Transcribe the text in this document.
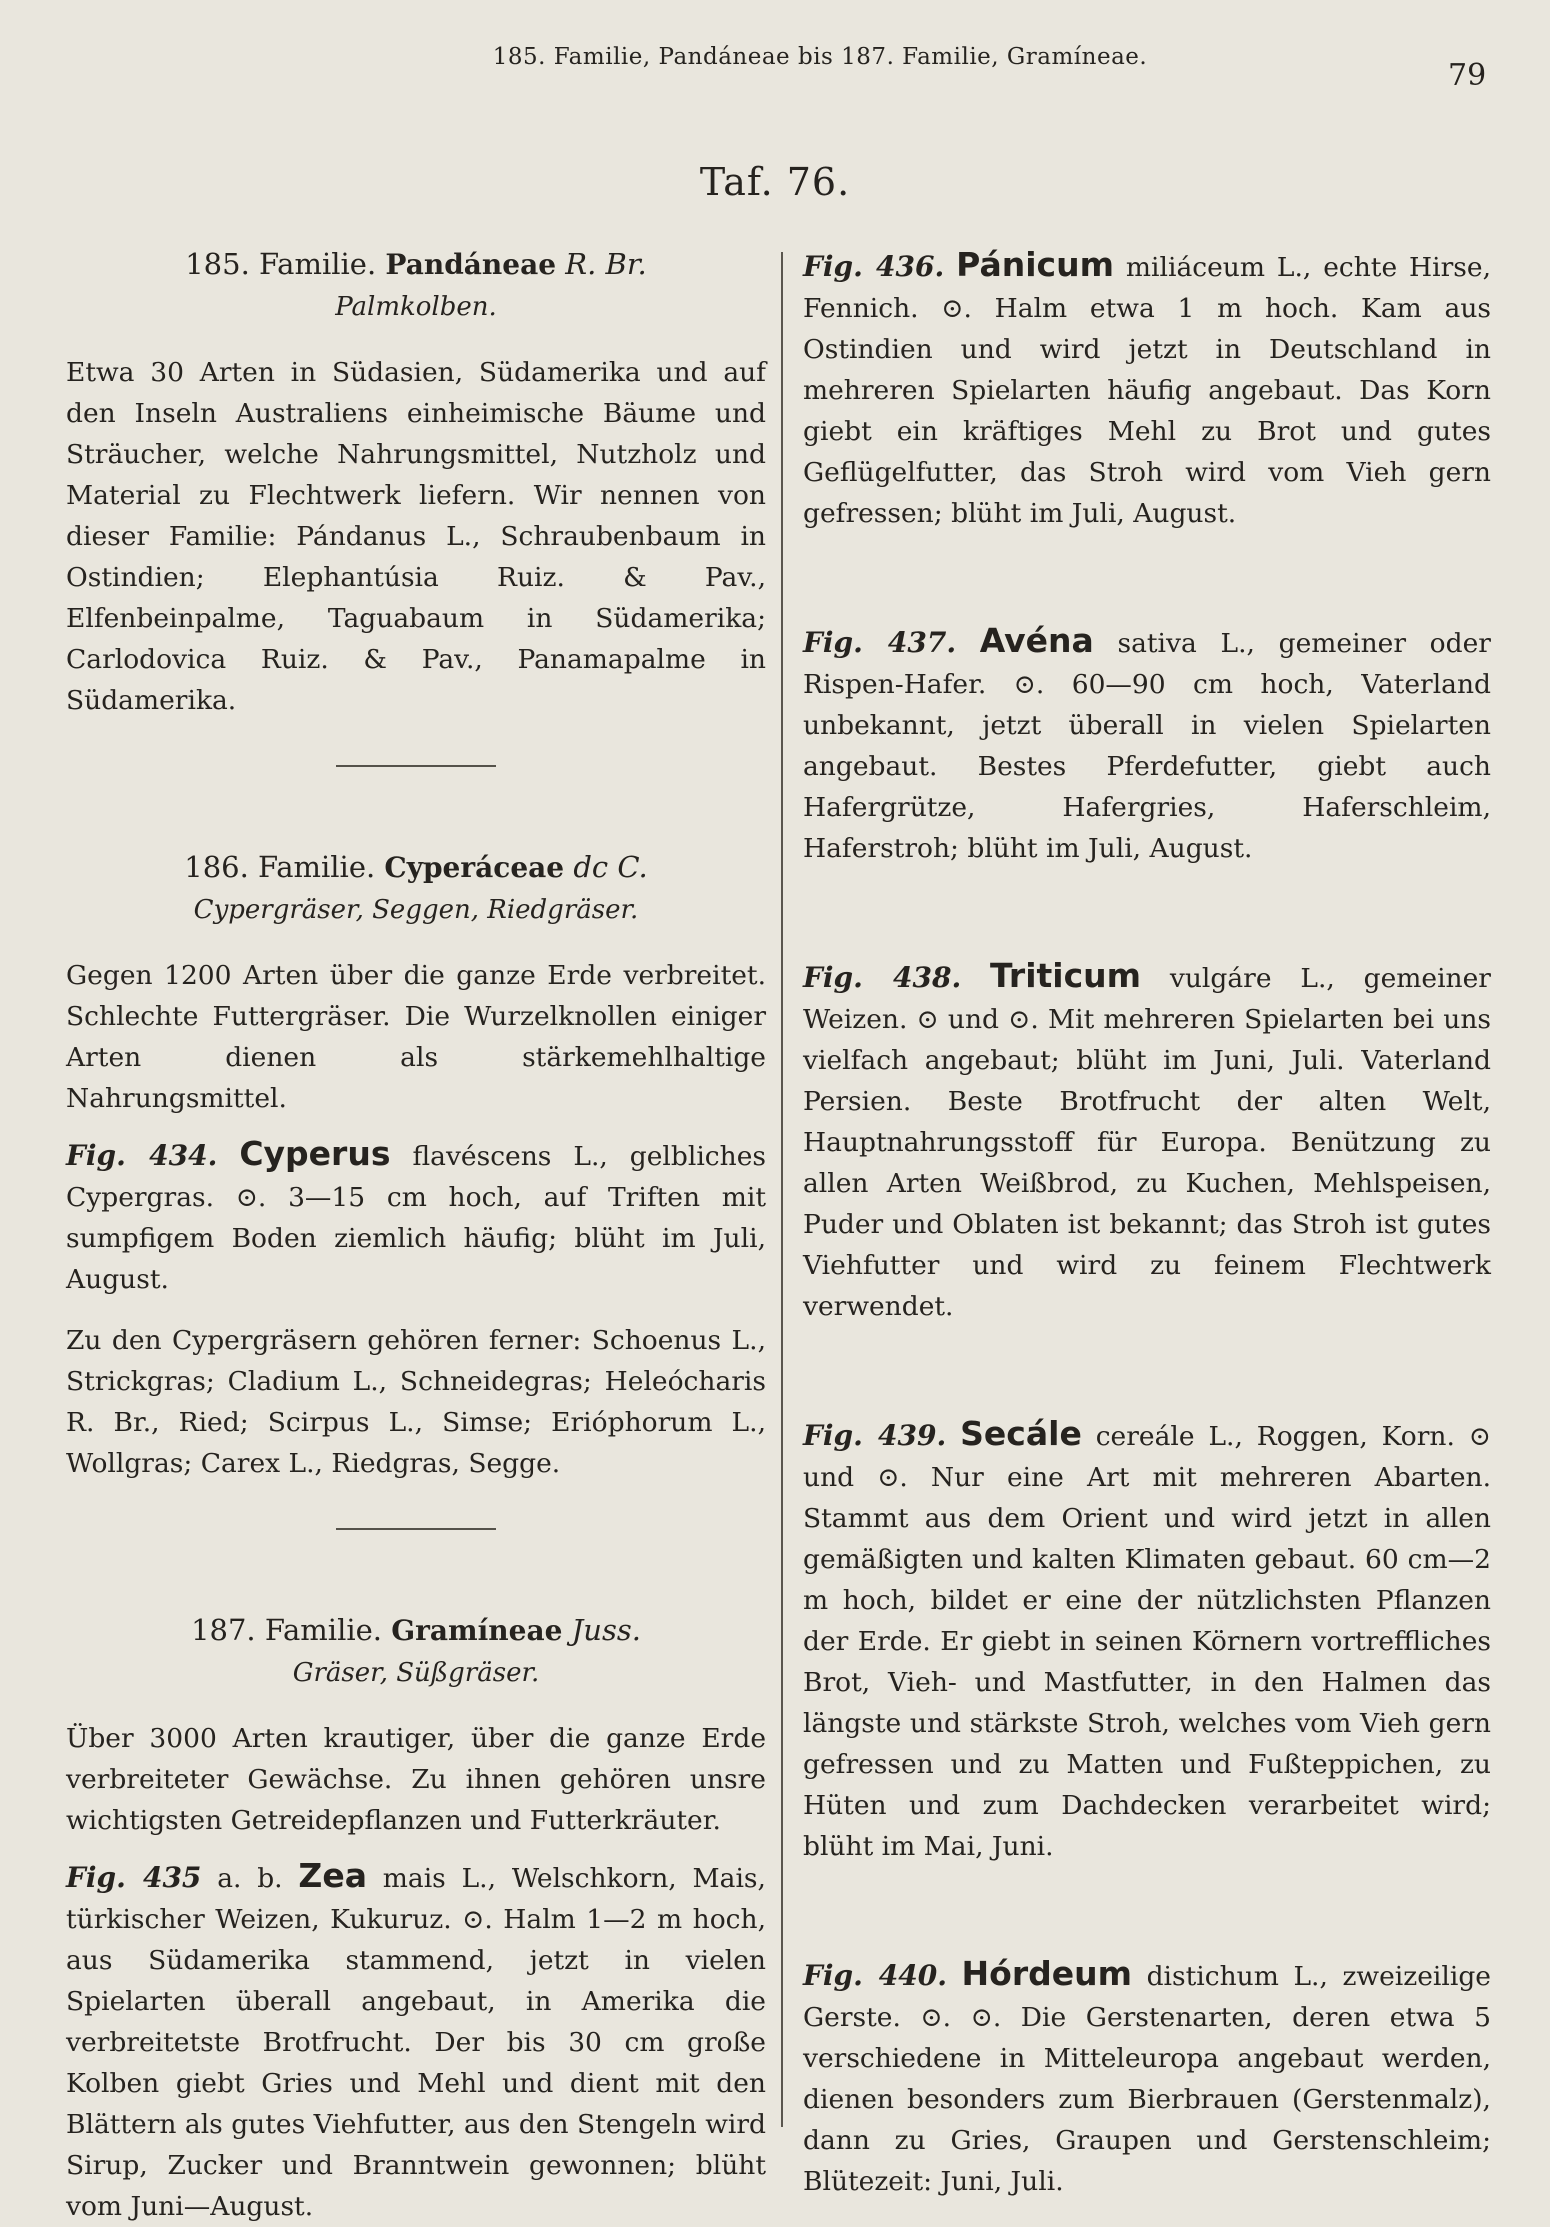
185. Familie, Pandáneae bis 187. Familie, Gramíneae.
79
Taf. 76.
185. Familie. Pandáneae R. Br.
Palmkolben.

Etwa 30 Arten in Südasien, Südamerika und auf den Inseln Australiens einheimische Bäume und Sträucher, welche Nahrungsmittel, Nutzholz und Material zu Flechtwerk liefern. Wir nennen von dieser Familie: Pándanus L., Schraubenbaum in Ostindien; Elephantúsia Ruiz. & Pav., Elfenbeinpalme, Taguabaum in Südamerika; Carlodovica Ruiz. & Pav., Panamapalme in Südamerika.

186. Familie. Cyperáceae dc C.
Cypergräser, Seggen, Riedgräser.

Gegen 1200 Arten über die ganze Erde verbreitet. Schlechte Futtergräser. Die Wurzelknollen einiger Arten dienen als stärkemehlhaltige Nahrungsmittel.

Fig. 434. Cyperus flavéscens L., gelbliches Cypergras. ⊙. 3—15 cm hoch, auf Triften mit sumpfigem Boden ziemlich häufig; blüht im Juli, August.

Zu den Cypergräsern gehören ferner: Schoenus L., Strickgras; Cladium L., Schneidegras; Heleócharis R. Br., Ried; Scirpus L., Simse; Erióphorum L., Wollgras; Carex L., Riedgras, Segge.

187. Familie. Gramíneae Juss.
Gräser, Süßgräser.

Über 3000 Arten krautiger, über die ganze Erde verbreiteter Gewächse. Zu ihnen gehören unsre wichtigsten Getreidepflanzen und Futterkräuter.

Fig. 435 a. b. Zea mais L., Welschkorn, Mais, türkischer Weizen, Kukuruz. ⊙. Halm 1—2 m hoch, aus Südamerika stammend, jetzt in vielen Spielarten überall angebaut, in Amerika die verbreitetste Brotfrucht. Der bis 30 cm große Kolben giebt Gries und Mehl und dient mit den Blättern als gutes Viehfutter, aus den Stengeln wird Sirup, Zucker und Branntwein gewonnen; blüht vom Juni—August.

Fig. 436. Pánicum miliáceum L., echte Hirse, Fennich. ⊙. Halm etwa 1 m hoch. Kam aus Ostindien und wird jetzt in Deutschland in mehreren Spielarten häufig angebaut. Das Korn giebt ein kräftiges Mehl zu Brot und gutes Geflügelfutter, das Stroh wird vom Vieh gern gefressen; blüht im Juli, August.

Fig. 437. Avéna sativa L., gemeiner oder Rispen-Hafer. ⊙. 60—90 cm hoch, Vaterland unbekannt, jetzt überall in vielen Spielarten angebaut. Bestes Pferdefutter, giebt auch Hafergrütze, Hafergries, Haferschleim, Haferstroh; blüht im Juli, August.

Fig. 438. Triticum vulgáre L., gemeiner Weizen. ⊙ und ⊙. Mit mehreren Spielarten bei uns vielfach angebaut; blüht im Juni, Juli. Vaterland Persien. Beste Brotfrucht der alten Welt, Hauptnahrungsstoff für Europa. Benützung zu allen Arten Weißbrod, zu Kuchen, Mehlspeisen, Puder und Oblaten ist bekannt; das Stroh ist gutes Viehfutter und wird zu feinem Flechtwerk verwendet.

Fig. 439. Secále cereále L., Roggen, Korn. ⊙ und ⊙. Nur eine Art mit mehreren Abarten. Stammt aus dem Orient und wird jetzt in allen gemäßigten und kalten Klimaten gebaut. 60 cm—2 m hoch, bildet er eine der nützlichsten Pflanzen der Erde. Er giebt in seinen Körnern vortreffliches Brot, Vieh- und Mastfutter, in den Halmen das längste und stärkste Stroh, welches vom Vieh gern gefressen und zu Matten und Fußteppichen, zu Hüten und zum Dachdecken verarbeitet wird; blüht im Mai, Juni.

Fig. 440. Hórdeum distichum L., zweizeilige Gerste. ⊙. ⊙. Die Gerstenarten, deren etwa 5 verschiedene in Mitteleuropa angebaut werden, dienen besonders zum Bierbrauen (Gerstenmalz), dann zu Gries, Graupen und Gerstenschleim; Blütezeit: Juni, Juli.
